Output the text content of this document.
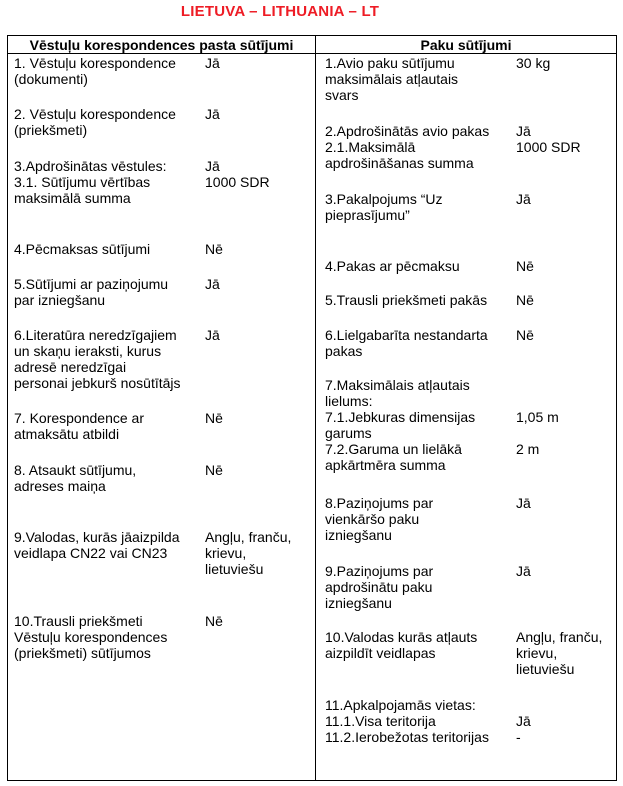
LIETUVA – LITHUANIA – LT
Vēstuļu korespondences pasta sūtījumi	Paku sūtījumi
1. Vēstuļu korespondence
(dokumenti)
Jā
2. Vēstuļu korespondence
(priekšmeti)
Jā
3.Apdrošinātas vēstules:
3.1. Sūtījumu vērtības
maksimālā summa
Jā
1000 SDR
4.Pēcmaksas sūtījumi	Nē
5.Sūtījumi ar paziņojumu
par izniegšanu
Jā
6.Literatūra neredzīgajiem
un skaņu ieraksti, kurus
adresē neredzīgai
personai jebkurš nosūtītājs
Jā
7. Korespondence ar
atmaksātu atbildi
Nē
8. Atsaukt sūtījumu,
adreses maiņa
Nē
9.Valodas, kurās jāaizpilda
veidlapa CN22 vai CN23
Angļu, franču,
krievu,
lietuviešu
10.Trausli priekšmeti
Vēstuļu korespondences
(priekšmeti) sūtījumos
Nē
1.Avio paku sūtījumu
maksimālais atļautais
svars
30 kg
2.Apdrošinātās avio pakas
2.1.Maksimālā
apdrošināšanas summa
Jā
1000 SDR
3.Pakalpojums “Uz
pieprasījumu”
Jā
4.Pakas ar pēcmaksu	Nē
5.Trausli priekšmeti pakās Nē
6.Lielgabarīta nestandarta
pakas
Nē
7.Maksimālais atļautais
lielums:
7.1.Jebkuras dimensijas
garums
7.2.Garuma un lielākā
apkārtmēra summa

1,05 m

2 m
8.Paziņojums par
vienkāršo paku
izniegšanu
Jā
9.Paziņojums par
apdrošinātu paku
izniegšanu
Jā
10.Valodas kurās atļauts
aizpildīt veidlapas
Angļu, franču,
krievu,
lietuviešu
11.Apkalpojamās vietas:
11.1.Visa teritorija
11.2.Ierobežotas teritorijas
Jā
-
